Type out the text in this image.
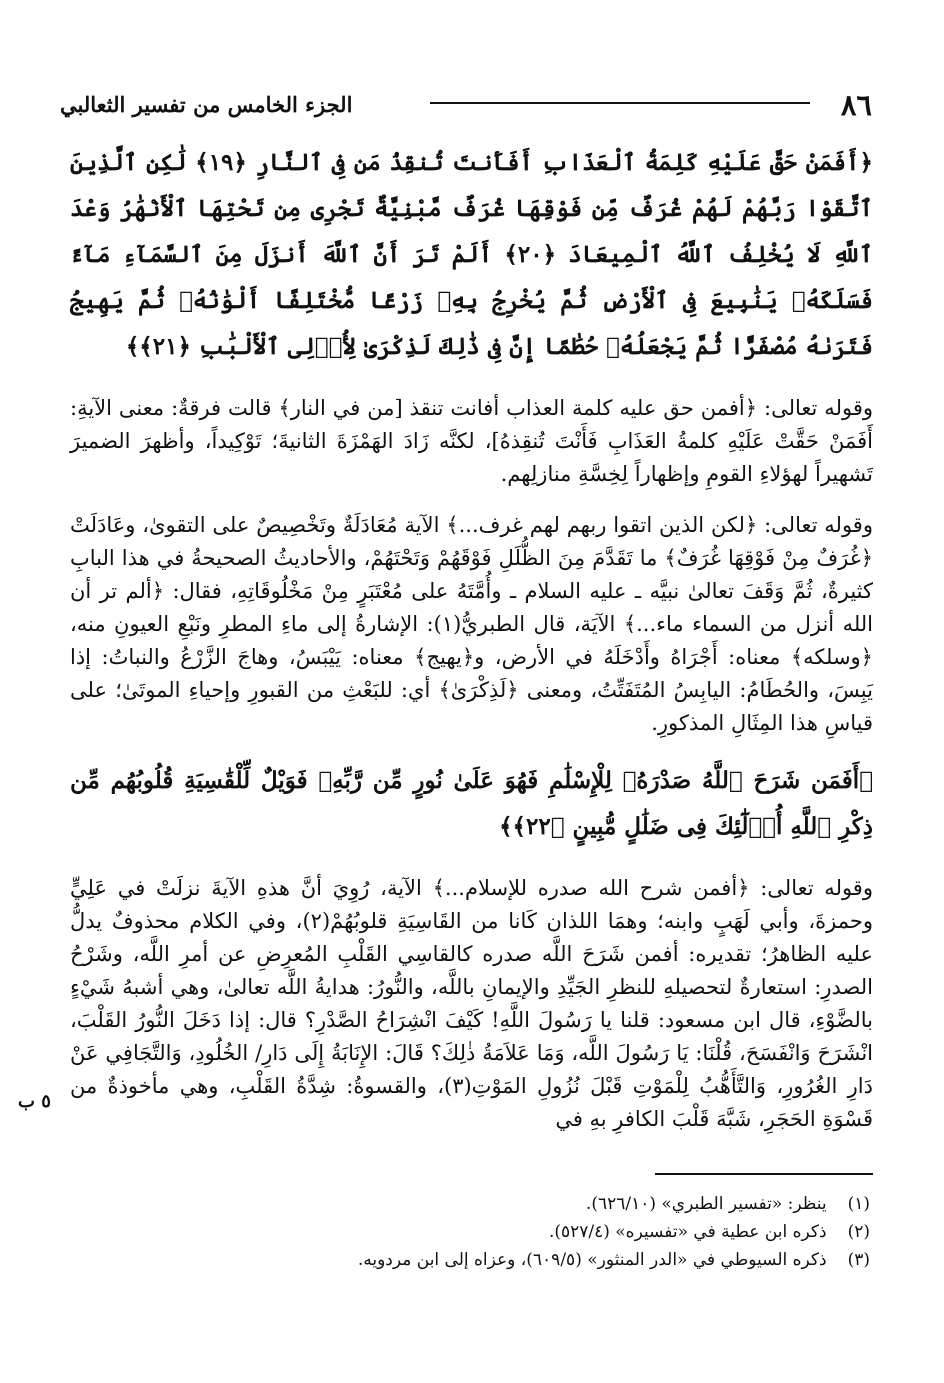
الجزء الخامس من تفسير الثعالبي	٨٦

﴿أَفَمَنْ حَقَّ عَلَيْهِ كَلِمَةُ ٱلْعَذَابِ أَفَأَنتَ تُنقِذُ مَن فِى ٱلنَّارِ ﴿١٩﴾ لَٰكِنِ ٱلَّذِينَ ٱتَّقَوْا رَبَّهُمْ لَهُمْ غُرَفٌ مِّن فَوْقِهَا غُرَفٌ مَّبْنِيَّةٌ تَجْرِى مِن تَحْتِهَا ٱلْأَنْهَٰرُ وَعْدَ ٱللَّهِ لَا يُخْلِفُ ٱللَّهُ ٱلْمِيعَادَ ﴿٢٠﴾ أَلَمْ تَرَ أَنَّ ٱللَّهَ أَنزَلَ مِنَ ٱلسَّمَآءِ مَآءً فَسَلَكَهُۥ يَنَٰبِيعَ فِى ٱلْأَرْضِ ثُمَّ يُخْرِجُ بِهِۦ زَرْعًا مُّخْتَلِفًا أَلْوَٰنُهُۥ ثُمَّ يَهِيجُ فَتَرَىٰهُ مُصْفَرًّا ثُمَّ يَجْعَلُهُۥ حُطَٰمًا إِنَّ فِى ذَٰلِكَ لَذِكْرَىٰ لِأُو۟لِى ٱلْأَلْبَٰبِ ﴿٢١﴾﴾

وقوله تعالى: ﴿أفمن حق عليه كلمة العذاب أفانت تنقذ [من في النار﴾ قالت فرقةٌ: معنى الآيةِ: أَفَمَنْ حَقَّتْ عَلَيْهِ كلمةُ العَذَابِ فَأَنْتَ تُنقِذهُ]، لكنَّه زَادَ الهَمْزَةَ الثانيةَ؛ تَوْكِيداً، وأظهرَ الضميرَ تَشهيراً لهؤلاءِ القومِ وإظهاراً لِخِسَّةِ منازلِهم.

وقوله تعالى: ﴿لكن الذين اتقوا ربهم لهم غرف...﴾ الآية مُعَادَلَةٌ وتَخْصِيصٌ على التقوىٰ، وعَادَلَتْ ﴿غُرَفٌ مِنْ فَوْقِهَا غُرَفٌ﴾ ما تَقَدَّمَ مِنَ الظُّلَلِ فَوْقَهُمْ وَتَحْتَهُمْ، والأحاديثُ الصحيحةُ في هذا البابِ كثيرةٌ، ثُمَّ وَقَفَ تعالىٰ نبيَّه ـ عليه السلام ـ وأُمَّتَهُ على مُعْتَبَرٍ مِنْ مَخْلُوقَاتِهِ، فقال: ﴿ألم تر أن الله أنزل من السماء ماء...﴾ الآيَة، قال الطبريُّ(١): الإشارةُ إلى ماءِ المطرِ ونَبْعِ العيونِ منه، ﴿وسلكه﴾ معناه: أَجْرَاهُ وأَدْخَلَهُ في الأرض، و﴿يهيج﴾ معناه: يَيْبَسُ، وهاجَ الزَّرْعُ والنباتُ: إذا يَبِسَ، والحُطَامُ: اليابِسُ المُتَفَتِّتُ، ومعنى ﴿لَذِكْرَىٰ﴾ أي: للبَعْثِ من القبورِ وإحياءِ الموتَىٰ؛ على قياسِ هذا المِثَالِ المذكورِ.

﴿أَفَمَن شَرَحَ ٱللَّهُ صَدْرَهُۥ لِلْإِسْلَٰمِ فَهُوَ عَلَىٰ نُورٍ مِّن رَّبِّهِۦ فَوَيْلٌ لِّلْقَٰسِيَةِ قُلُوبُهُم مِّن ذِكْرِ ٱللَّهِ أُو۟لَٰٓئِكَ فِى ضَلَٰلٍ مُّبِينٍ ﴿٢٢﴾﴾

وقوله تعالى: ﴿أفمن شرح الله صدره للإسلام...﴾ الآية، رُوِيَ أنَّ هذهِ الآيةَ نزلَتْ في عَلِيٍّ وحمزةَ، وأبي لَهَبٍ وابنه؛ وهمَا اللذان كَانا من القَاسِيَةِ قلوبُهُمْ(٢)، وفي الكلام محذوفٌ يدلُّ عليه الظاهرُ؛ تقديره: أفمن شَرَحَ اللَّه صدره كالقاسِي القَلْبِ المُعرِضِ عن أمرِ اللَّه، وشَرْحُ الصدرِ: استعارةٌ لتحصيلهِ للنظرِ الجَيِّدِ والإيمانِ باللَّه، والنُّورُ: هدايةُ اللَّه تعالىٰ، وهي أشبهُ شَيْءٍ بالضَّوْءِ، قال ابن مسعود: قلنا يا رَسُولَ اللَّهِ! كَيْفَ انْشِرَاحُ الصَّدْرِ؟ قال: إذا دَخَلَ النُّورُ القَلْبَ، انْشَرَحَ وَانْفَسَحَ، قُلْنَا: يَا رَسُولَ اللَّه، وَمَا عَلاَمَةُ ذٰلِكَ؟ قَالَ: الإِنَابَةُ إِلَى دَارِ/ الخُلُودِ، وَالتَّجَافِي عَنْ دَارِ الغُرُورِ، وَالتَّأَهُّبُ لِلْمَوْتِ قَبْلَ نُزُولِ المَوْتِ(٣)، والقسوةُ: شِدَّةُ القَلْبِ، وهي مأخوذةٌ من قَسْوَةِ الحَجَرِ، شَبَّهَ قَلْبَ الكافرِ بهِ في

٥ ب
(١) ينظر: «تفسير الطبري» (٦٢٦/١٠).
(٢) ذكره ابن عطية في «تفسيره» (٥٢٧/٤).
(٣) ذكره السيوطي في «الدر المنثور» (٦٠٩/٥)، وعزاه إلى ابن مردويه.
